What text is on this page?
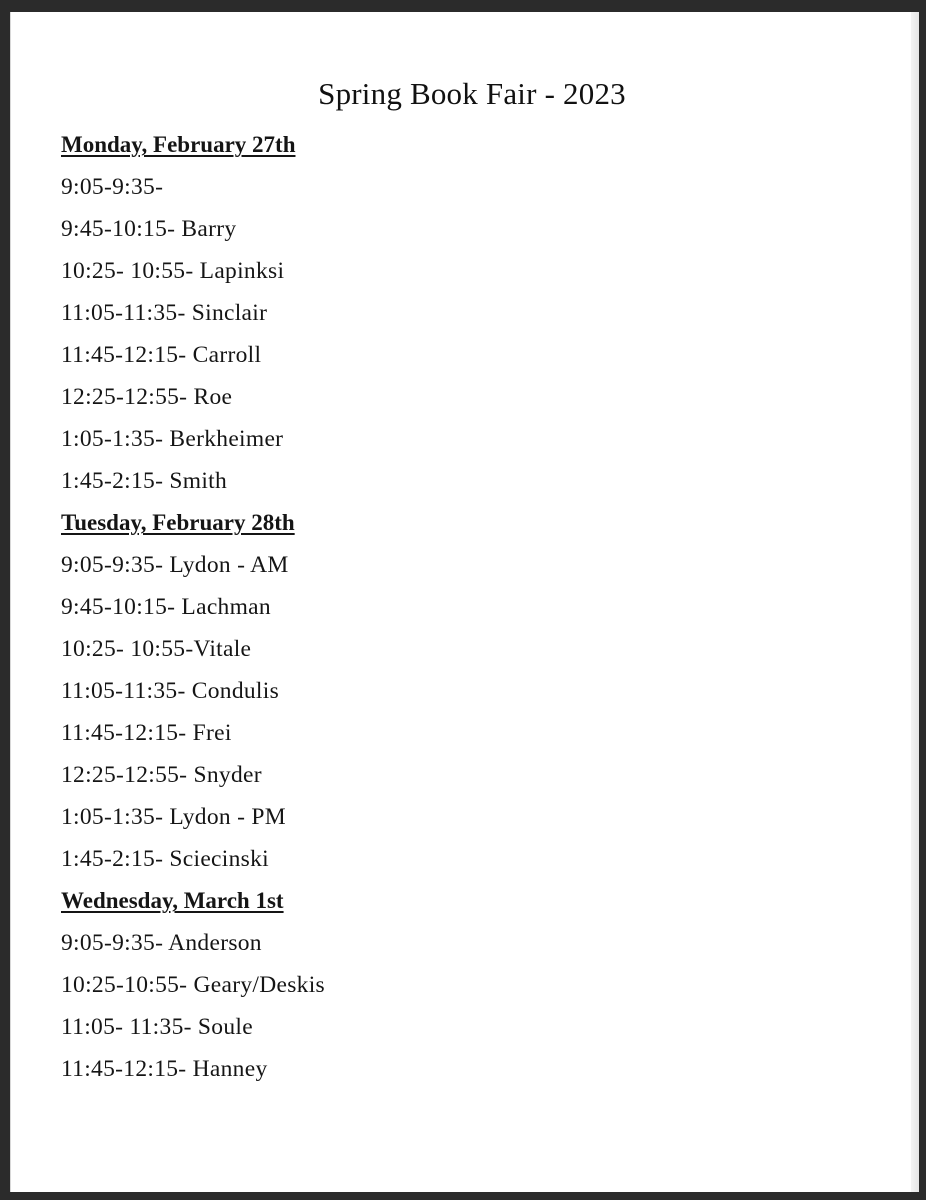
Spring Book Fair - 2023
Monday, February 27th
9:05-9:35-
9:45-10:15- Barry
10:25- 10:55- Lapinksi
11:05-11:35- Sinclair
11:45-12:15- Carroll
12:25-12:55- Roe
1:05-1:35- Berkheimer
1:45-2:15- Smith
Tuesday, February 28th
9:05-9:35- Lydon - AM
9:45-10:15- Lachman
10:25- 10:55-Vitale
11:05-11:35- Condulis
11:45-12:15- Frei
12:25-12:55- Snyder
1:05-1:35- Lydon - PM
1:45-2:15- Sciecinski
Wednesday, March 1st
9:05-9:35- Anderson
10:25-10:55- Geary/Deskis
11:05- 11:35- Soule
11:45-12:15- Hanney
